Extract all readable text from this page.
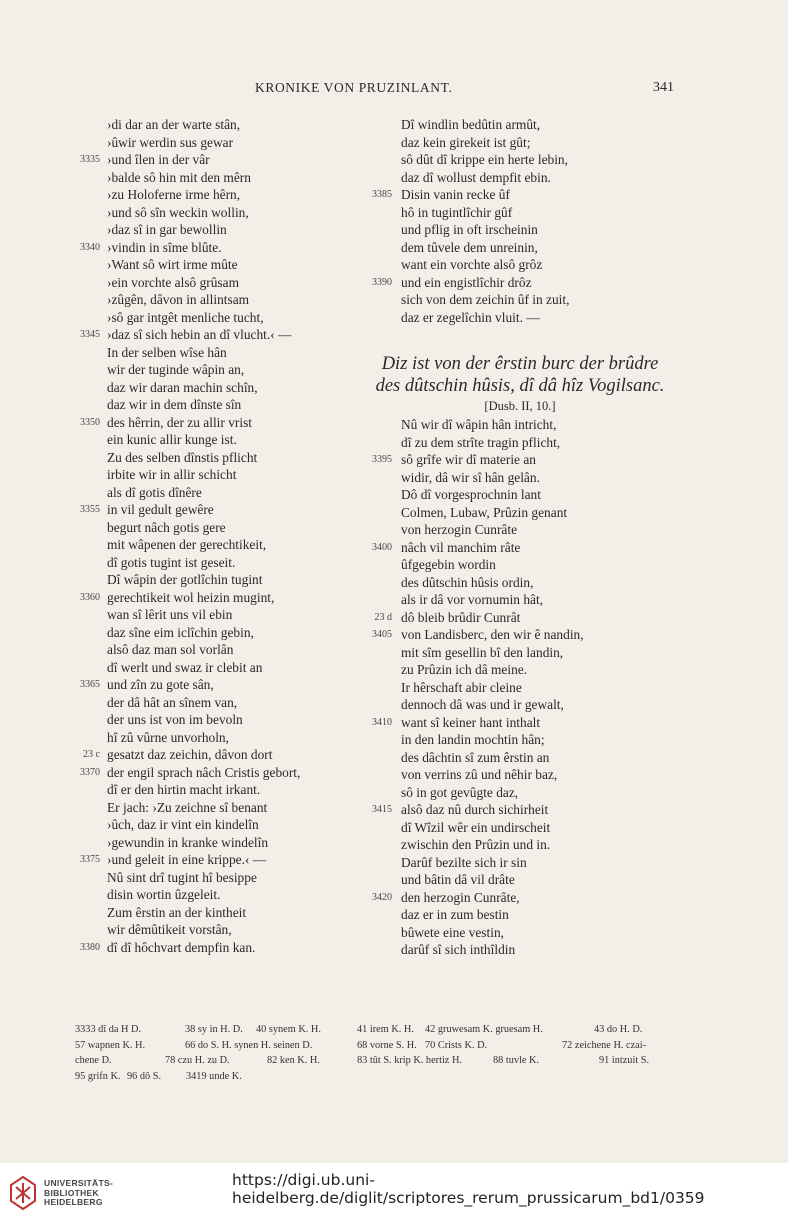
KRONIKE VON PRUZINLANT.	341
›di dar an der warte stân,
›ûwir werdin sus gewar
3335 ›und îlen in der vâr
›balde sô hin mit den mêrn
›zu Holoferne irme hêrn,
›und sô sîn weckin wollin,
›daz sî in gar bewollin
3340 ›vindin in sîme blûte.
›Want sô wirt irme mûte
›ein vorchte alsô grûsam
›zûgên, dâvon in allintsam
›sô gar intgêt menliche tucht,
3345 ›daz sî sich hebin an dî vlucht.‹ —
In der selben wîse hân
wir der tuginde wâpin an,
daz wir daran machin schîn,
daz wir in dem dînste sîn
3350 des hêrrin, der zu allir vrist
ein kunic allir kunge ist.
Zu des selben dînstis pflicht
irbite wir in allir schicht
als dî gotis dînêre
3355 in vil gedult gewêre
begurt nâch gotis gere
mit wâpenen der gerechtikeit,
dî gotis tugint ist geseit.
Dî wâpin der gotlîchin tugint
3360 gerechtikeit wol heizin mugint,
wan sî lêrit uns vil ebin
daz sîne eim iclîchin gebin,
alsô daz man sol vorlân
dî werlt und swaz ir clebit an
3365 und zîn zu gote sân,
der dâ hât an sînem van,
der uns ist von im bevoln
hî zû vûrne unvorholn,
23 c gesatzt daz zeichin, dâvon dort
3370 der engil sprach nâch Cristis gebort,
dî er den hirtin macht irkant.
Er jach: ›Zu zeichne sî benant
›ûch, daz ir vint ein kindelîn
›gewundin in kranke windelîn
3375 ›und geleit in eine krippe.‹ —
Nû sint drî tugint hî besippe
disin wortin ûzgeleit.
Zum êrstin an der kintheit
wir dêmûtikeit vorstân,
3380 dî dî hôchvart dempfin kan.
Dî windlin bedûtin armût,
daz kein girekeit ist gût;
sô dût dî krippe ein herte lebin,
daz dî wollust dempfit ebin.
3385 Disin vanin recke ûf
hô in tugintlîchir gûf
und pflig in oft irscheinin
dem tûvele dem unreinin,
want ein vorchte alsô grôz
3390 und ein engistlîchir drôz
sich von dem zeichin ûf in zuit,
daz er zegelîchin vluit. —
Diz ist von der êrstin burc der brûdre
des dûtschin hûsis, dî dâ hîz Vogilsanc.
[Dusb. II, 10.]
Nû wir dî wâpin hân intricht,
dî zu dem strîte tragin pflicht,
3395 sô grîfe wir dî materie an
widir, dâ wir sî hân gelân.
Dô dî vorgesprochnin lant
Colmen, Lubaw, Prûzin genant
von herzogin Cunrâte
3400 nâch vil manchim râte
ûfgegebin wordin
des dûtschin hûsis ordin,
als ir dâ vor vornumin hât,
23 d dô bleib brûdir Cunrât
3405 von Landisberc, den wir ê nandin,
mit sîm gesellin bî den landin,
zu Prûzin ich dâ meine.
Ir hêrschaft abir cleine
dennoch dâ was und ir gewalt,
3410 want sî keiner hant inthalt
in den landin mochtin hân;
des dâchtin sî zum êrstin an
von verrins zû und nêhir baz,
sô in got gevûgte daz,
3415 alsô daz nû durch sichirheit
dî Wîzil wêr ein undirscheit
zwischin den Prûzin und in.
Darûf bezilte sich ir sin
und bâtin dâ vil drâte
3420 den herzogin Cunrâte,
daz er in zum bestin
bûwete eine vestin,
darûf sî sich inthîldin
3333 dî da H D.	38 sy in H. D. 40 synem K. H.	41 irem K. H. 42 gruwesam K. gruesam H.	43 do H. D.
57 wapnen K. H.	66 do S. H. synen H. seinen D.	68 vorne S. H. 70 Crists K. D.	72 zeichene H. czai-
chene D.	78 czu H. zu D.	82 ken K. H.	83 tût S. krip K. hertiz H.	88 tuvle K.	91 intzuit S.
95 grifn K. 96 dô S. 3419 unde K.
UNIVERSITÄTS-
BIBLIOTHEK
HEIDELBERG
https://digi.ub.uni-heidelberg.de/diglit/scriptores_rerum_prussicarum_bd1/0359
